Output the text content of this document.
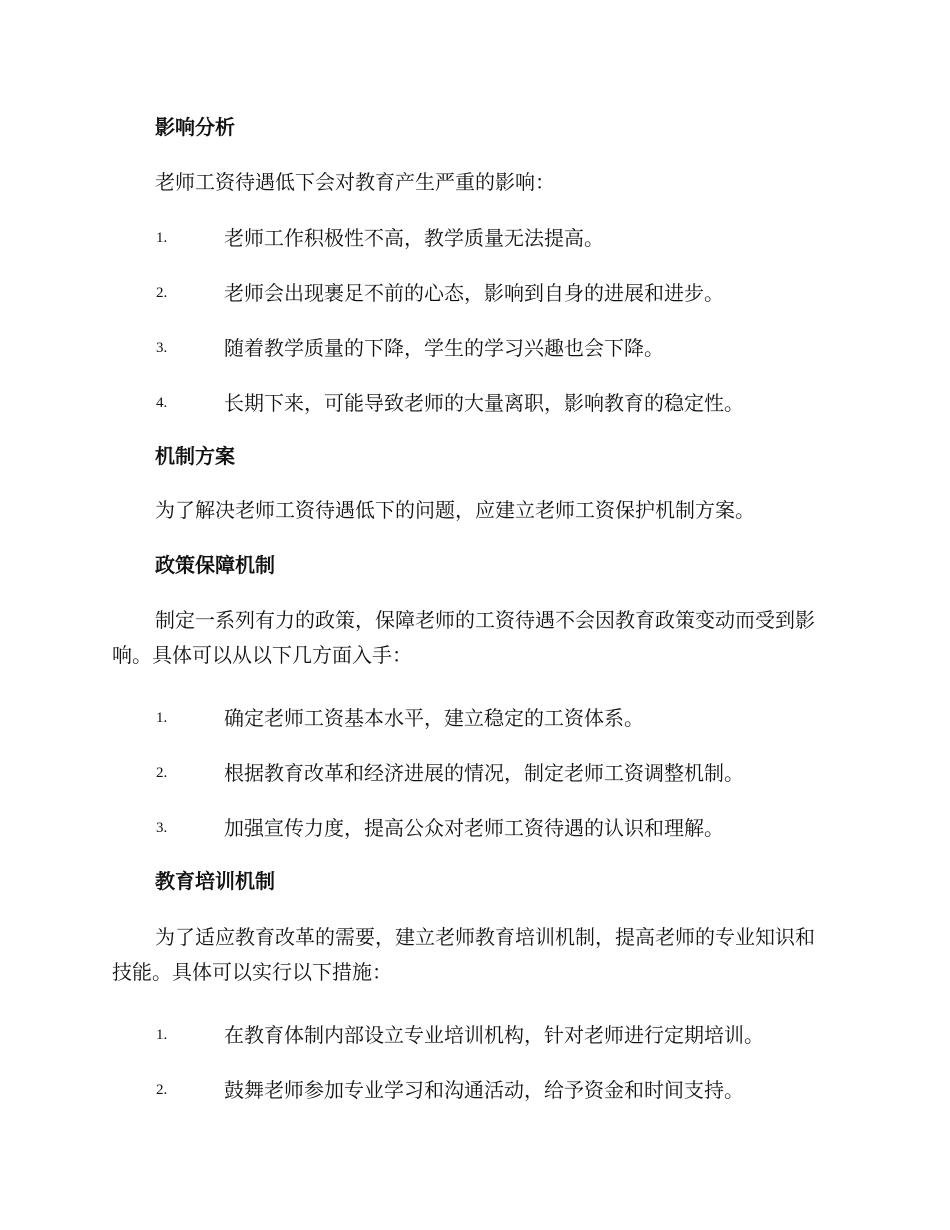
影响分析

老师工资待遇低下会对教育产生严重的影响：

1.	老师工作积极性不高，教学质量无法提高。
2.	老师会出现裹足不前的心态，影响到自身的进展和进步。
3.	随着教学质量的下降，学生的学习兴趣也会下降。
4.	长期下来，可能导致老师的大量离职，影响教育的稳定性。
机制方案

为了解决老师工资待遇低下的问题，应建立老师工资保护机制方案。

政策保障机制

制定一系列有力的政策，保障老师的工资待遇不会因教育政策变动而受到影响。具体可以从以下几方面入手：

1.	确定老师工资基本水平，建立稳定的工资体系。
2.	根据教育改革和经济进展的情况，制定老师工资调整机制。
3.	加强宣传力度，提高公众对老师工资待遇的认识和理解。
教育培训机制

为了适应教育改革的需要，建立老师教育培训机制，提高老师的专业知识和技能。具体可以实行以下措施：

1.	在教育体制内部设立专业培训机构，针对老师进行定期培训。
2.	鼓舞老师参加专业学习和沟通活动，给予资金和时间支持。
